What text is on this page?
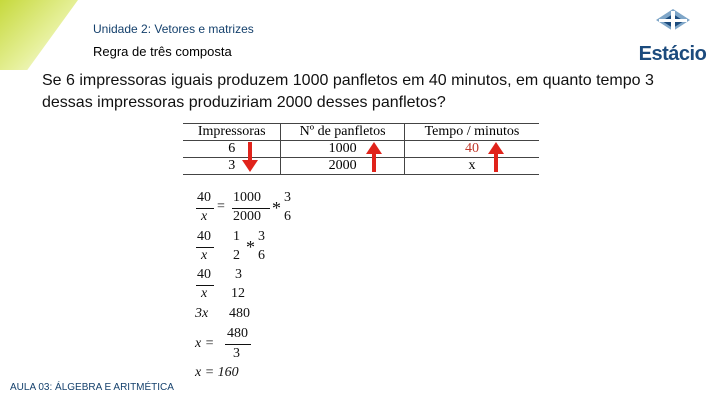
Unidade 2: Vetores e matrizes
Regra de três composta	Estácio
Se 6 impressoras iguais produzem 1000 panfletos em 40 minutos, em quanto tempo 3 dessas impressoras produziriam 2000 desses panfletos?
Impressoras	Nº de panfletos	Tempo / minutos
6	1000	40
3	2000	x
40
x
=
1000
2000 *
3
6
40
x
1
2 *
3
6
40
x
3
12
3x 480
x =
480
3
x = 160
AULA 03: ÁLGEBRA E ARITMÉTICA
